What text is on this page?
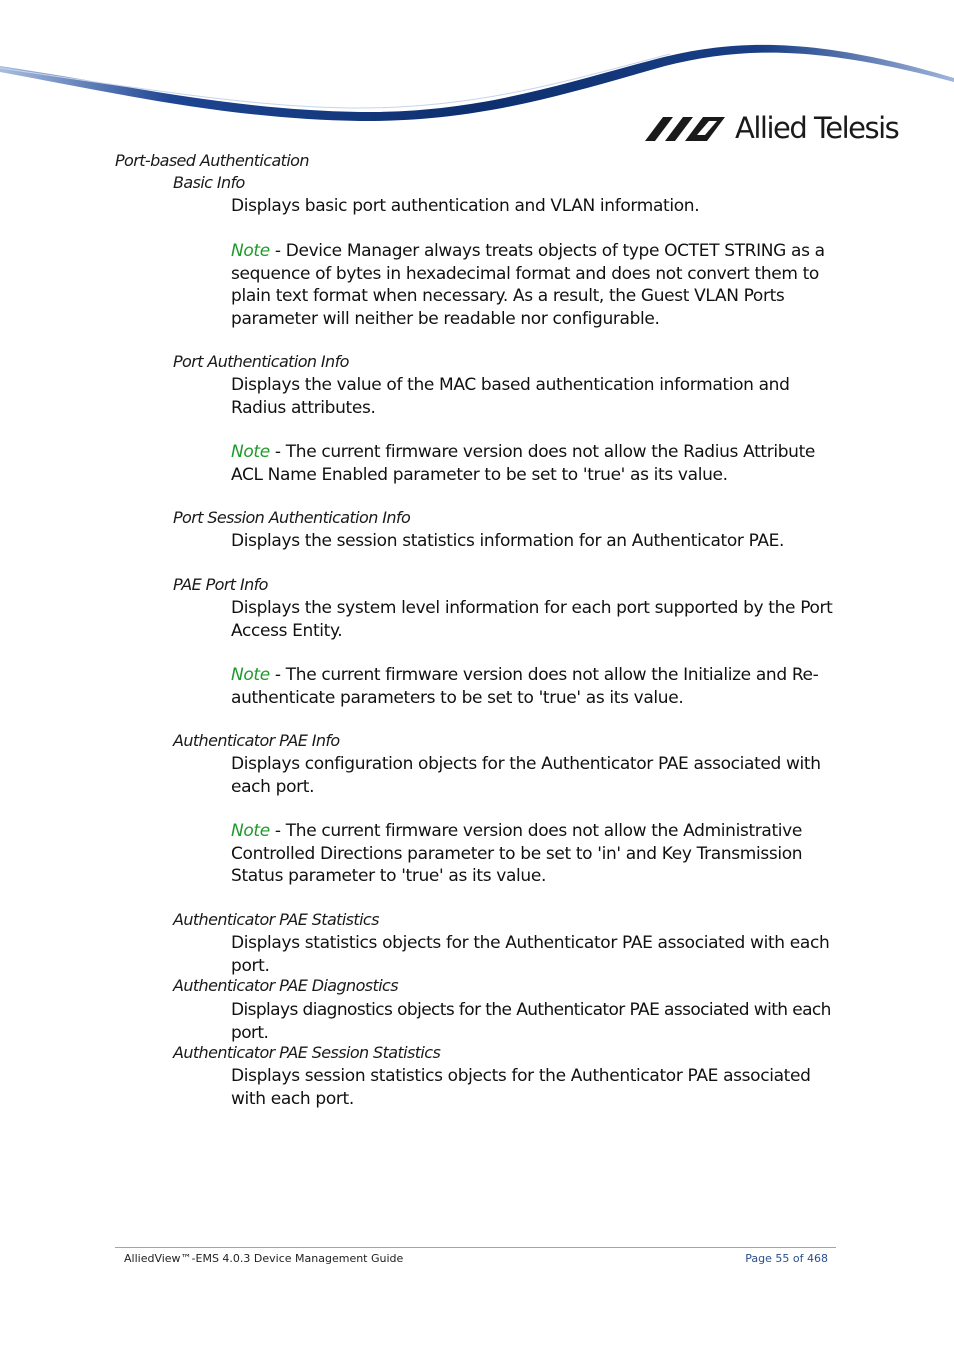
Allied Telesis
Port-based Authentication
Basic Info
Displays basic port authentication and VLAN information.
Note - Device Manager always treats objects of type OCTET STRING as a sequence of bytes in hexadecimal format and does not convert them to plain text format when necessary. As a result, the Guest VLAN Ports parameter will neither be readable nor configurable.
Port Authentication Info
Displays the value of the MAC based authentication information and Radius attributes.
Note - The current firmware version does not allow the Radius Attribute ACL Name Enabled parameter to be set to 'true' as its value.
Port Session Authentication Info
Displays the session statistics information for an Authenticator PAE.
PAE Port Info
Displays the system level information for each port supported by the Port Access Entity.
Note - The current firmware version does not allow the Initialize and Re-authenticate parameters to be set to 'true' as its value.
Authenticator PAE Info
Displays configuration objects for the Authenticator PAE associated with each port.
Note - The current firmware version does not allow the Administrative Controlled Directions parameter to be set to 'in' and Key Transmission Status parameter to 'true' as its value.
Authenticator PAE Statistics
Displays statistics objects for the Authenticator PAE associated with each port.
Authenticator PAE Diagnostics
Displays diagnostics objects for the Authenticator PAE associated with each port.
Authenticator PAE Session Statistics
Displays session statistics objects for the Authenticator PAE associated with each port.
AlliedView™-EMS 4.0.3 Device Management Guide	Page 55 of 468
